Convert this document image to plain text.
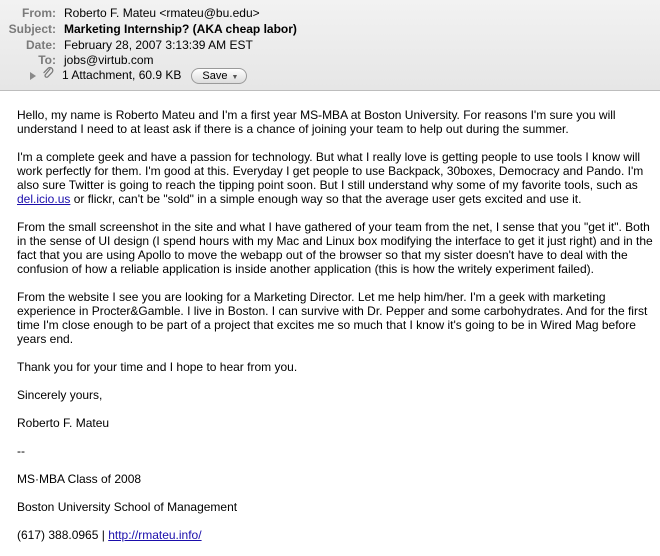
From: Roberto F. Mateu <rmateu@bu.edu>
Subject: Marketing Internship? (AKA cheap labor)
Date: February 28, 2007 3:13:39 AM EST
To: jobs@virtub.com
1 Attachment, 60.9 KB Save ▼

Hello, my name is Roberto Mateu and I'm a first year MS-MBA at Boston University. For reasons I'm sure you will understand I need to at least ask if there is a chance of joining your team to help out during the summer.

I'm a complete geek and have a passion for technology. But what I really love is getting people to use tools I know will work perfectly for them. I'm good at this. Everyday I get people to use Backpack, 30boxes, Democracy and Pando. I'm also sure Twitter is going to reach the tipping point soon. But I still understand why some of my favorite tools, such as del.icio.us or flickr, can't be "sold" in a simple enough way so that the average user gets excited and use it.

From the small screenshot in the site and what I have gathered of your team from the net, I sense that you "get it". Both in the sense of UI design (I spend hours with my Mac and Linux box modifying the interface to get it just right) and in the fact that you are using Apollo to move the webapp out of the browser so that my sister doesn't have to deal with the confusion of how a reliable application is inside another application (this is how the writely experiment failed).

From the website I see you are looking for a Marketing Director. Let me help him/her. I'm a geek with marketing experience in Procter&Gamble. I live in Boston. I can survive with Dr. Pepper and some carbohydrates. And for the first time I'm close enough to be part of a project that excites me so much that I know it's going to be in Wired Mag before years end.

Thank you for your time and I hope to hear from you.

Sincerely yours,

Roberto F. Mateu

--

MS·MBA Class of 2008

Boston University School of Management

(617) 388.0965 | http://rmateu.info/
